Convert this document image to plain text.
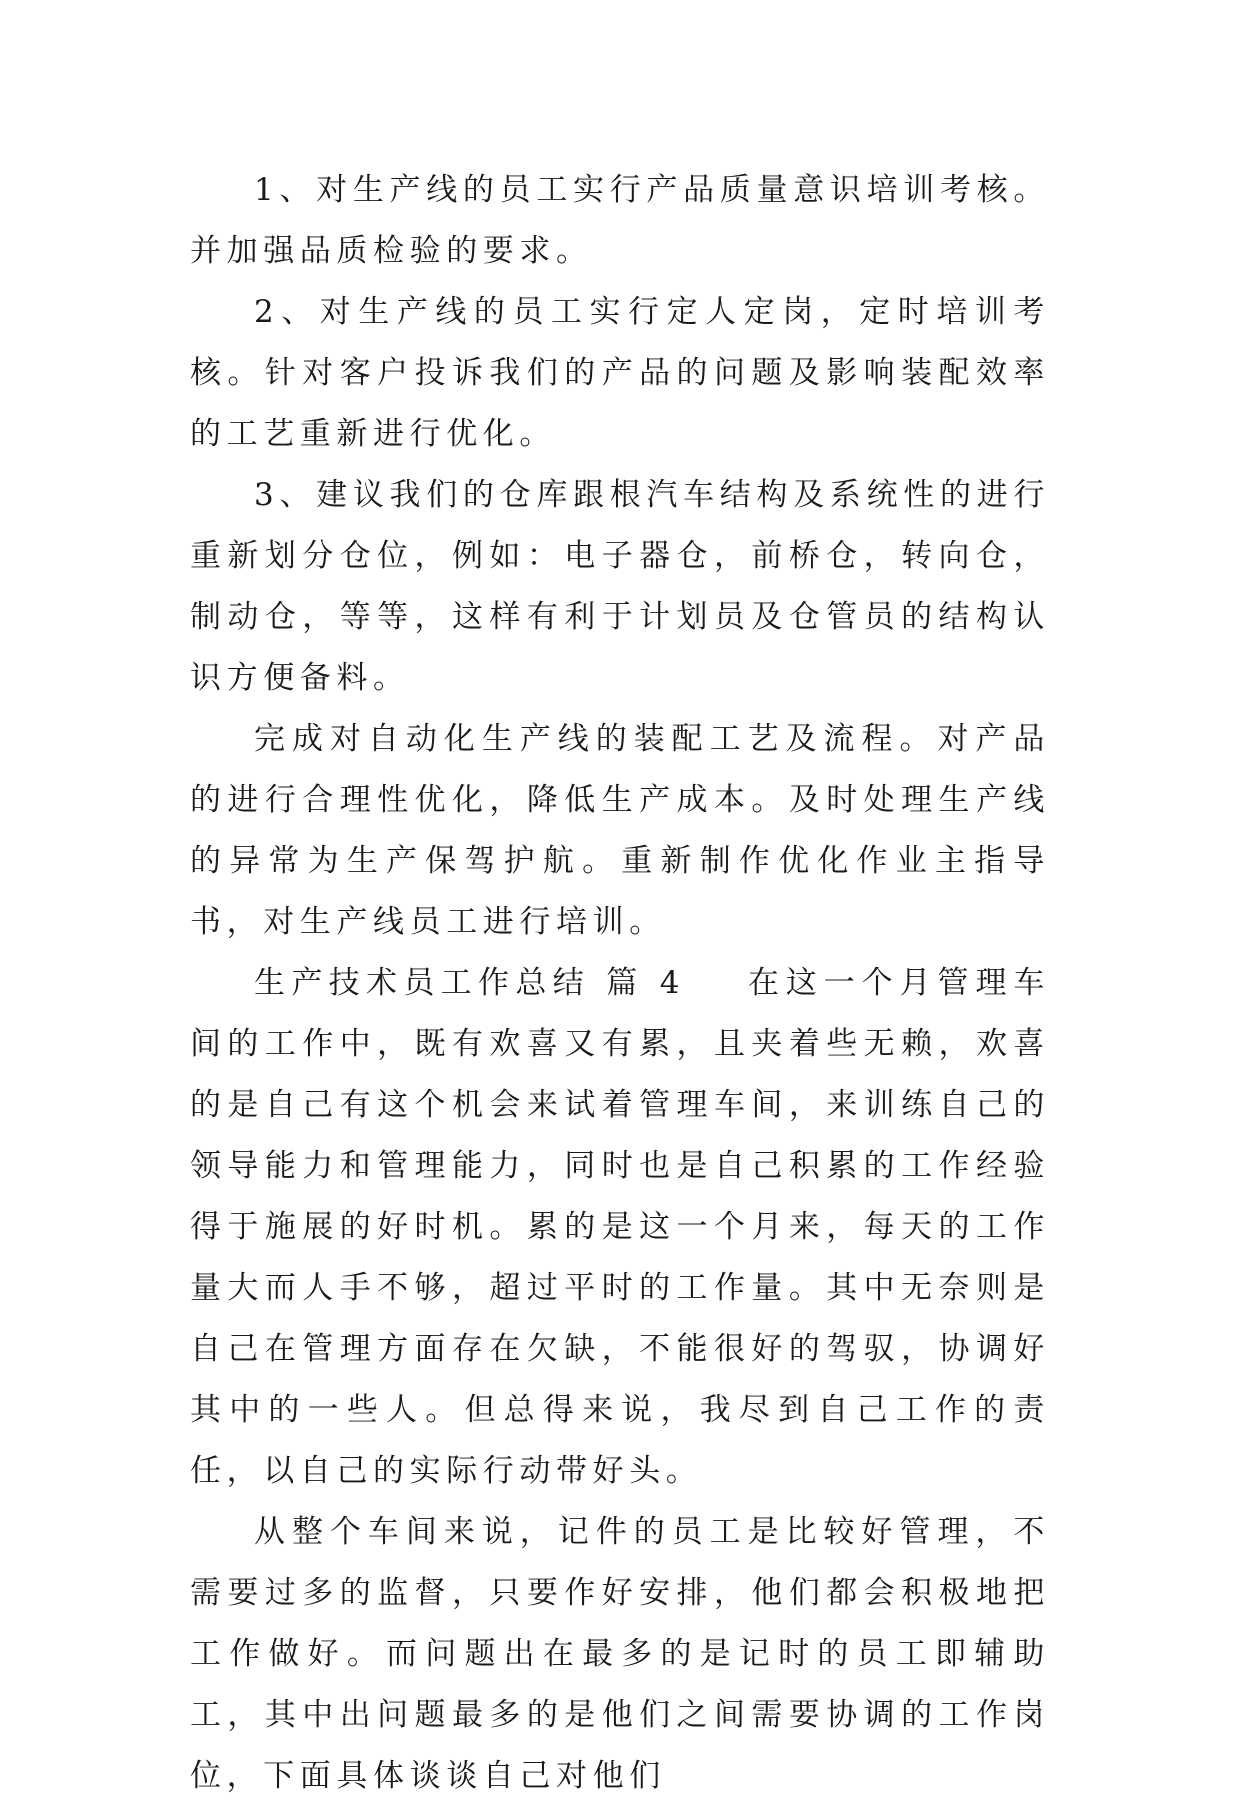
1、对生产线的员工实行产品质量意识培训考核。并加强品质检验的要求。

2、对生产线的员工实行定人定岗，定时培训考核。针对客户投诉我们的产品的问题及影响装配效率的工艺重新进行优化。

3、建议我们的仓库跟根汽车结构及系统性的进行重新划分仓位，例如：电子器仓，前桥仓，转向仓，制动仓，等等，这样有利于计划员及仓管员的结构认识方便备料。

完成对自动化生产线的装配工艺及流程。对产品的进行合理性优化，降低生产成本。及时处理生产线的异常为生产保驾护航。重新制作优化作业主指导书，对生产线员工进行培训。

生产技术员工作总结 篇 4 在这一个月管理车间的工作中，既有欢喜又有累，且夹着些无赖，欢喜的是自己有这个机会来试着管理车间，来训练自己的领导能力和管理能力，同时也是自己积累的工作经验得于施展的好时机。累的是这一个月来，每天的工作量大而人手不够，超过平时的工作量。其中无奈则是自己在管理方面存在欠缺，不能很好的驾驭，协调好其中的一些人。但总得来说，我尽到自己工作的责任，以自己的实际行动带好头。

从整个车间来说，记件的员工是比较好管理，不需要过多的监督，只要作好安排，他们都会积极地把工作做好。而问题出在最多的是记时的员工即辅助工，其中出问题最多的是他们之间需要协调的工作岗位，下面具体谈谈自己对他们
